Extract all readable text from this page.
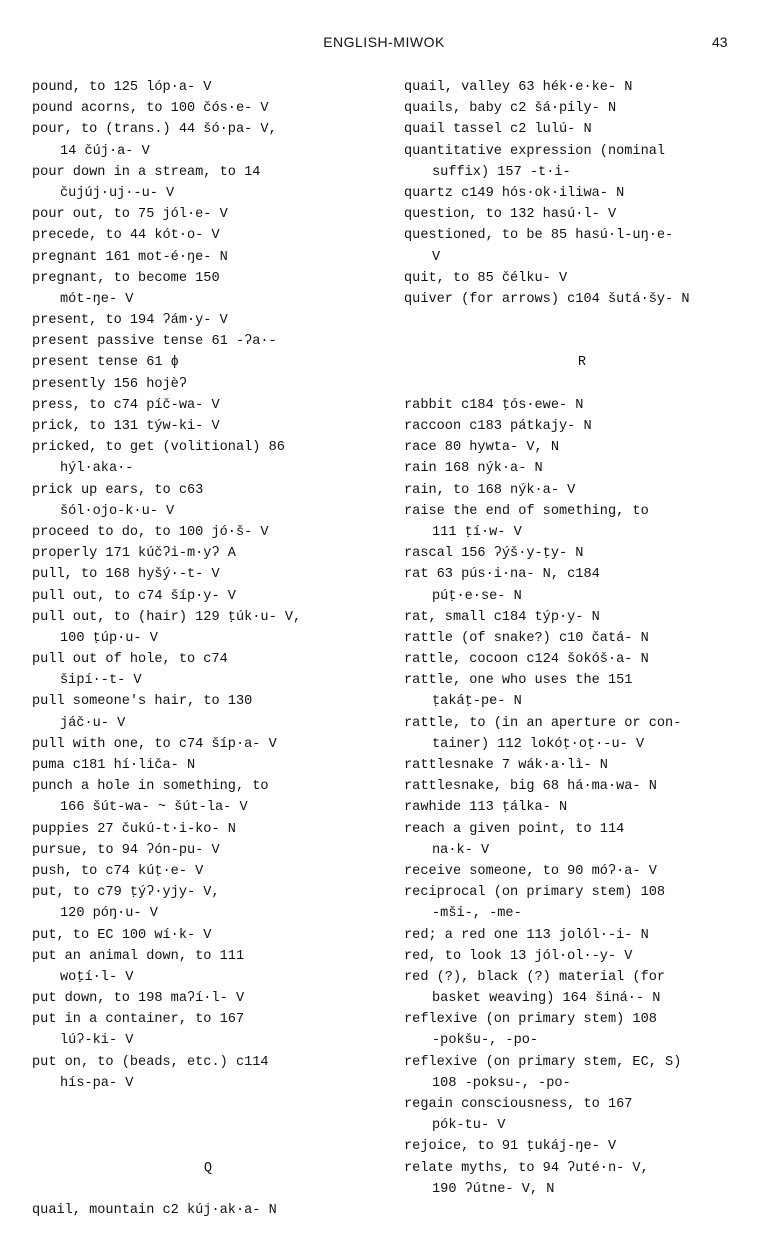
ENGLISH-MIWOK	43
pound, to 125 lóp·a- V
pound acorns, to 100 čós·e- V
pour, to (trans.) 44 šó·pa- V,
14 čúj·a- V
pour down in a stream, to 14
čujúj·uj·-u- V
pour out, to 75 jól·e- V
precede, to 44 kót·o- V
pregnant 161 mot-é·ŋe- N
pregnant, to become 150
mót-ŋe- V
present, to 194 ʔám·y- V
present passive tense 61 -ʔa·-
present tense 61 ϕ
presently 156 hojèʔ
press, to c74 píč-wa- V
prick, to 131 týw-ki- V
pricked, to get (volitional) 86
hýl·aka·-
prick up ears, to c63
šól·ojo-k·u- V
proceed to do, to 100 jó·š- V
properly 171 kúčʔi-m·yʔ A
pull, to 168 hyšý·-t- V
pull out, to c74 šíp·y- V
pull out, to (hair) 129 ṭúk·u- V,
100 ṭúp·u- V
pull out of hole, to c74
šipí·-t- V
pull someone's hair, to 130
jáč·u- V
pull with one, to c74 šíp·a- V
puma c181 hí·liča- N
punch a hole in something, to
166 šút-wa- ~ šút-la- V
puppies 27 čukú-t·i-ko- N
pursue, to 94 ʔón-pu- V
push, to c74 kúṭ·e- V
put, to c79 ṭýʔ·yjy- V,
120 póŋ·u- V
put, to EC 100 wí·k- V
put an animal down, to 111
woṭí·l- V
put down, to 198 maʔí·l- V
put in a container, to 167
lúʔ-ki- V
put on, to (beads, etc.) c114
hís-pa- V
Q
quail, mountain c2 kúj·ak·a- N
quail, valley 63 hék·e·ke- N
quails, baby c2 šá·pily- N
quail tassel c2 lulú- N
quantitative expression (nominal
suffix) 157 -t·i-
quartz c149 hós·ok·iliwa- N
question, to 132 hasú·l- V
questioned, to be 85 hasú·l-uŋ·e-
V
quit, to 85 čélku- V
quiver (for arrows) c104 šutá·šy- N
R
rabbit c184 ṭós·ewe- N
raccoon c183 pátkajy- N
race 80 hywta- V, N
rain 168 nýk·a- N
rain, to 168 nýk·a- V
raise the end of something, to
111 ṭí·w- V
rascal 156 ʔýš·y-ṭy- N
rat 63 pús·i·na- N, c184
púṭ·e·se- N
rat, small c184 týp·y- N
rattle (of snake?) c10 čatá- N
rattle, cocoon c124 šokóš·a- N
rattle, one who uses the 151
ṭakáṭ-pe- N
rattle, to (in an aperture or con-
tainer) 112 lokóṭ·oṭ·-u- V
rattlesnake 7 wák·a·lì- N
rattlesnake, big 68 há·ma·wa- N
rawhide 113 ṭálka- N
reach a given point, to 114
na·k- V
receive someone, to 90 móʔ·a- V
reciprocal (on primary stem) 108
-mši-, -me-
red; a red one 113 jolól·-i- N
red, to look 13 jól·ol·-y- V
red (?), black (?) material (for
basket weaving) 164 šiná·- N
reflexive (on primary stem) 108
-pokšu-, -po-
reflexive (on primary stem, EC, S)
108 -poksu-, -po-
regain consciousness, to 167
pók-tu- V
rejoice, to 91 ṭukáj-ŋe- V
relate myths, to 94 ʔuté·n- V,
190 ʔútne- V, N
